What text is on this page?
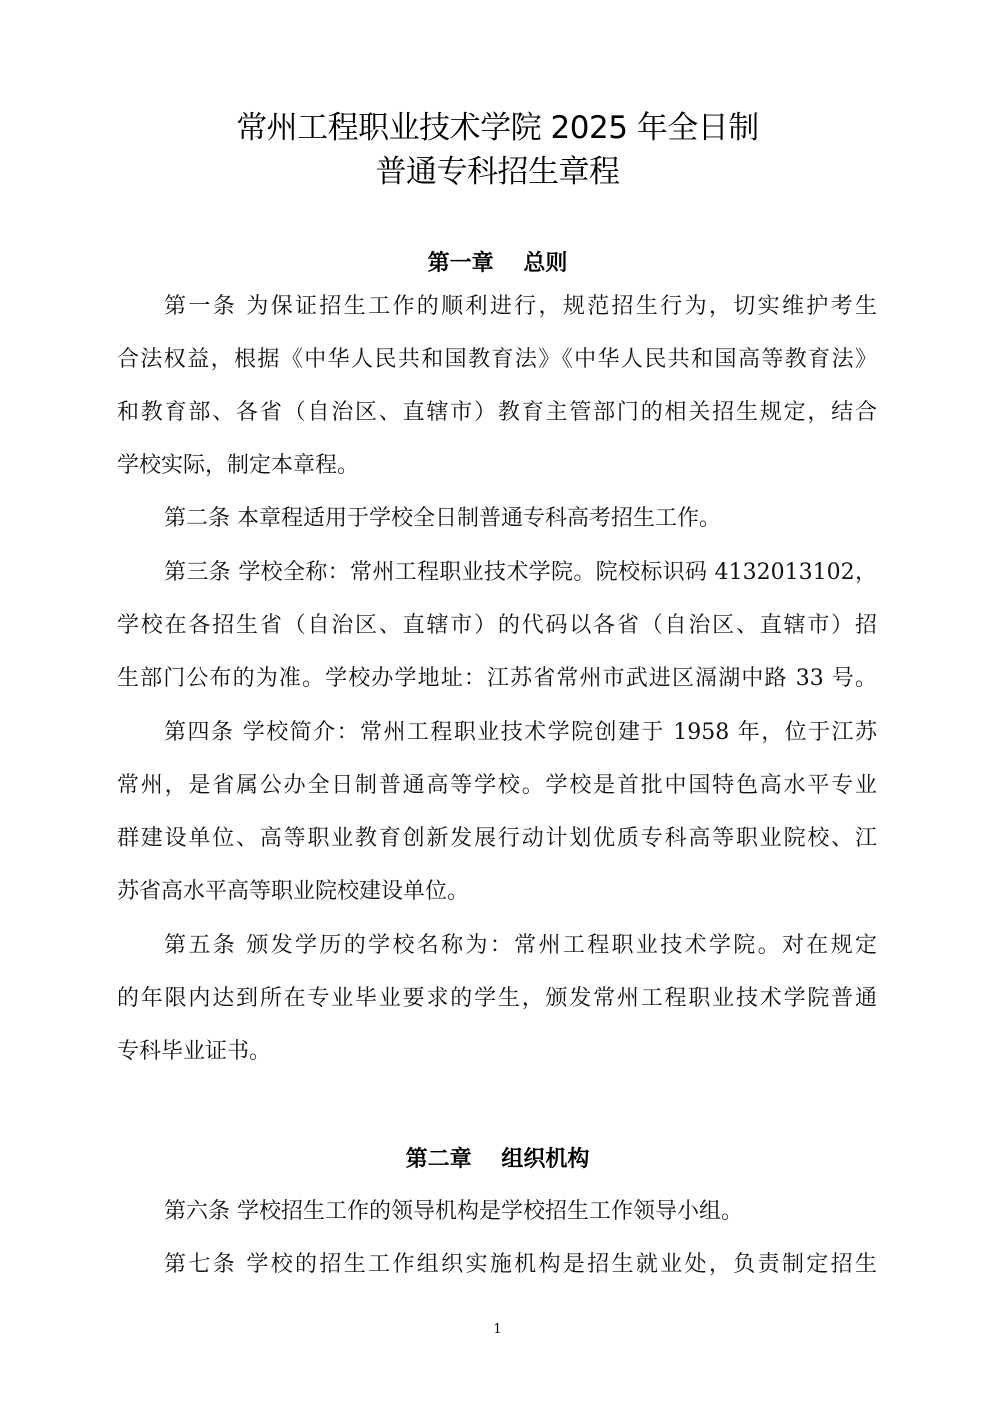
常州工程职业技术学院 2025 年全日制
普通专科招生章程
第一章　 总则
第一条 为保证招生工作的顺利进行，规范招生行为，切实维护考生
合法权益，根据《中华人民共和国教育法》《中华人民共和国高等教育法》
和教育部、各省（自治区、直辖市）教育主管部门的相关招生规定，结合
学校实际，制定本章程。
第二条 本章程适用于学校全日制普通专科高考招生工作。
第三条 学校全称：常州工程职业技术学院。院校标识码 4132013102，
学校在各招生省（自治区、直辖市）的代码以各省（自治区、直辖市）招
生部门公布的为准。学校办学地址：江苏省常州市武进区滆湖中路 33 号。
第四条 学校简介：常州工程职业技术学院创建于 1958 年，位于江苏
常州，是省属公办全日制普通高等学校。学校是首批中国特色高水平专业
群建设单位、高等职业教育创新发展行动计划优质专科高等职业院校、江
苏省高水平高等职业院校建设单位。
第五条 颁发学历的学校名称为：常州工程职业技术学院。对在规定
的年限内达到所在专业毕业要求的学生，颁发常州工程职业技术学院普通
专科毕业证书。
第二章　 组织机构
第六条 学校招生工作的领导机构是学校招生工作领导小组。
第七条 学校的招生工作组织实施机构是招生就业处，负责制定招生
1
